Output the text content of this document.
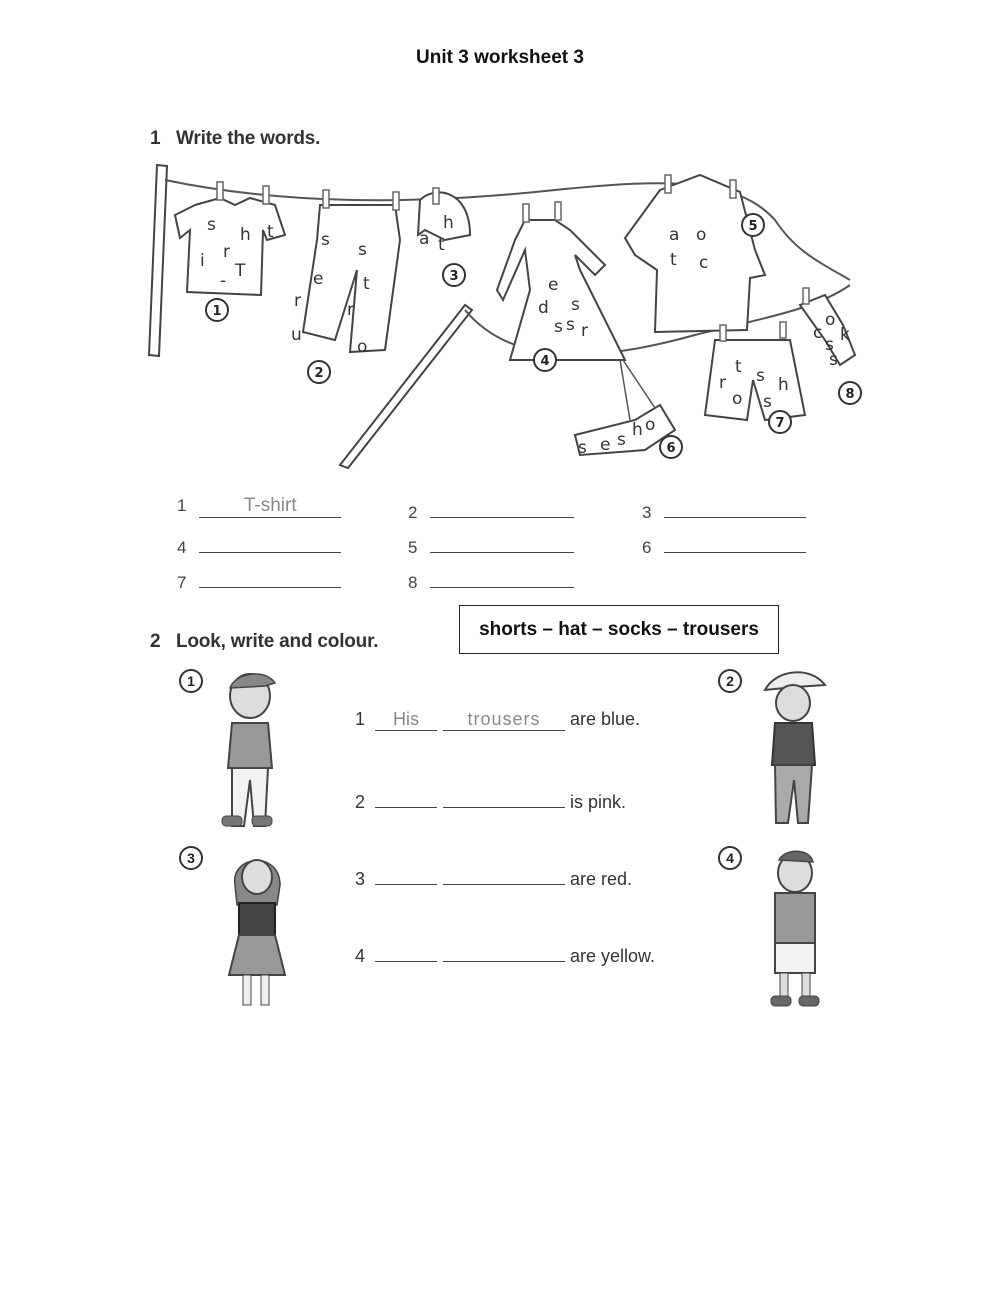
Unit 3 worksheet 3
1 Write the words.
1
2
3
4
5
6
7
8
s h t
i r
T
-
s s
e t
r	r
u
o
h
a t
e
d s
s
s r
a o
t c
s e s h o
t s
r	h
o s
o
c k
s
s
1	T-shirt	2	3
4	5	6
7	8
2 Look, write and colour.
shorts – hat – socks – trousers
1	2
3	4
1 His	trousers are blue.
2	is pink.
3	are red.
4	are yellow.
